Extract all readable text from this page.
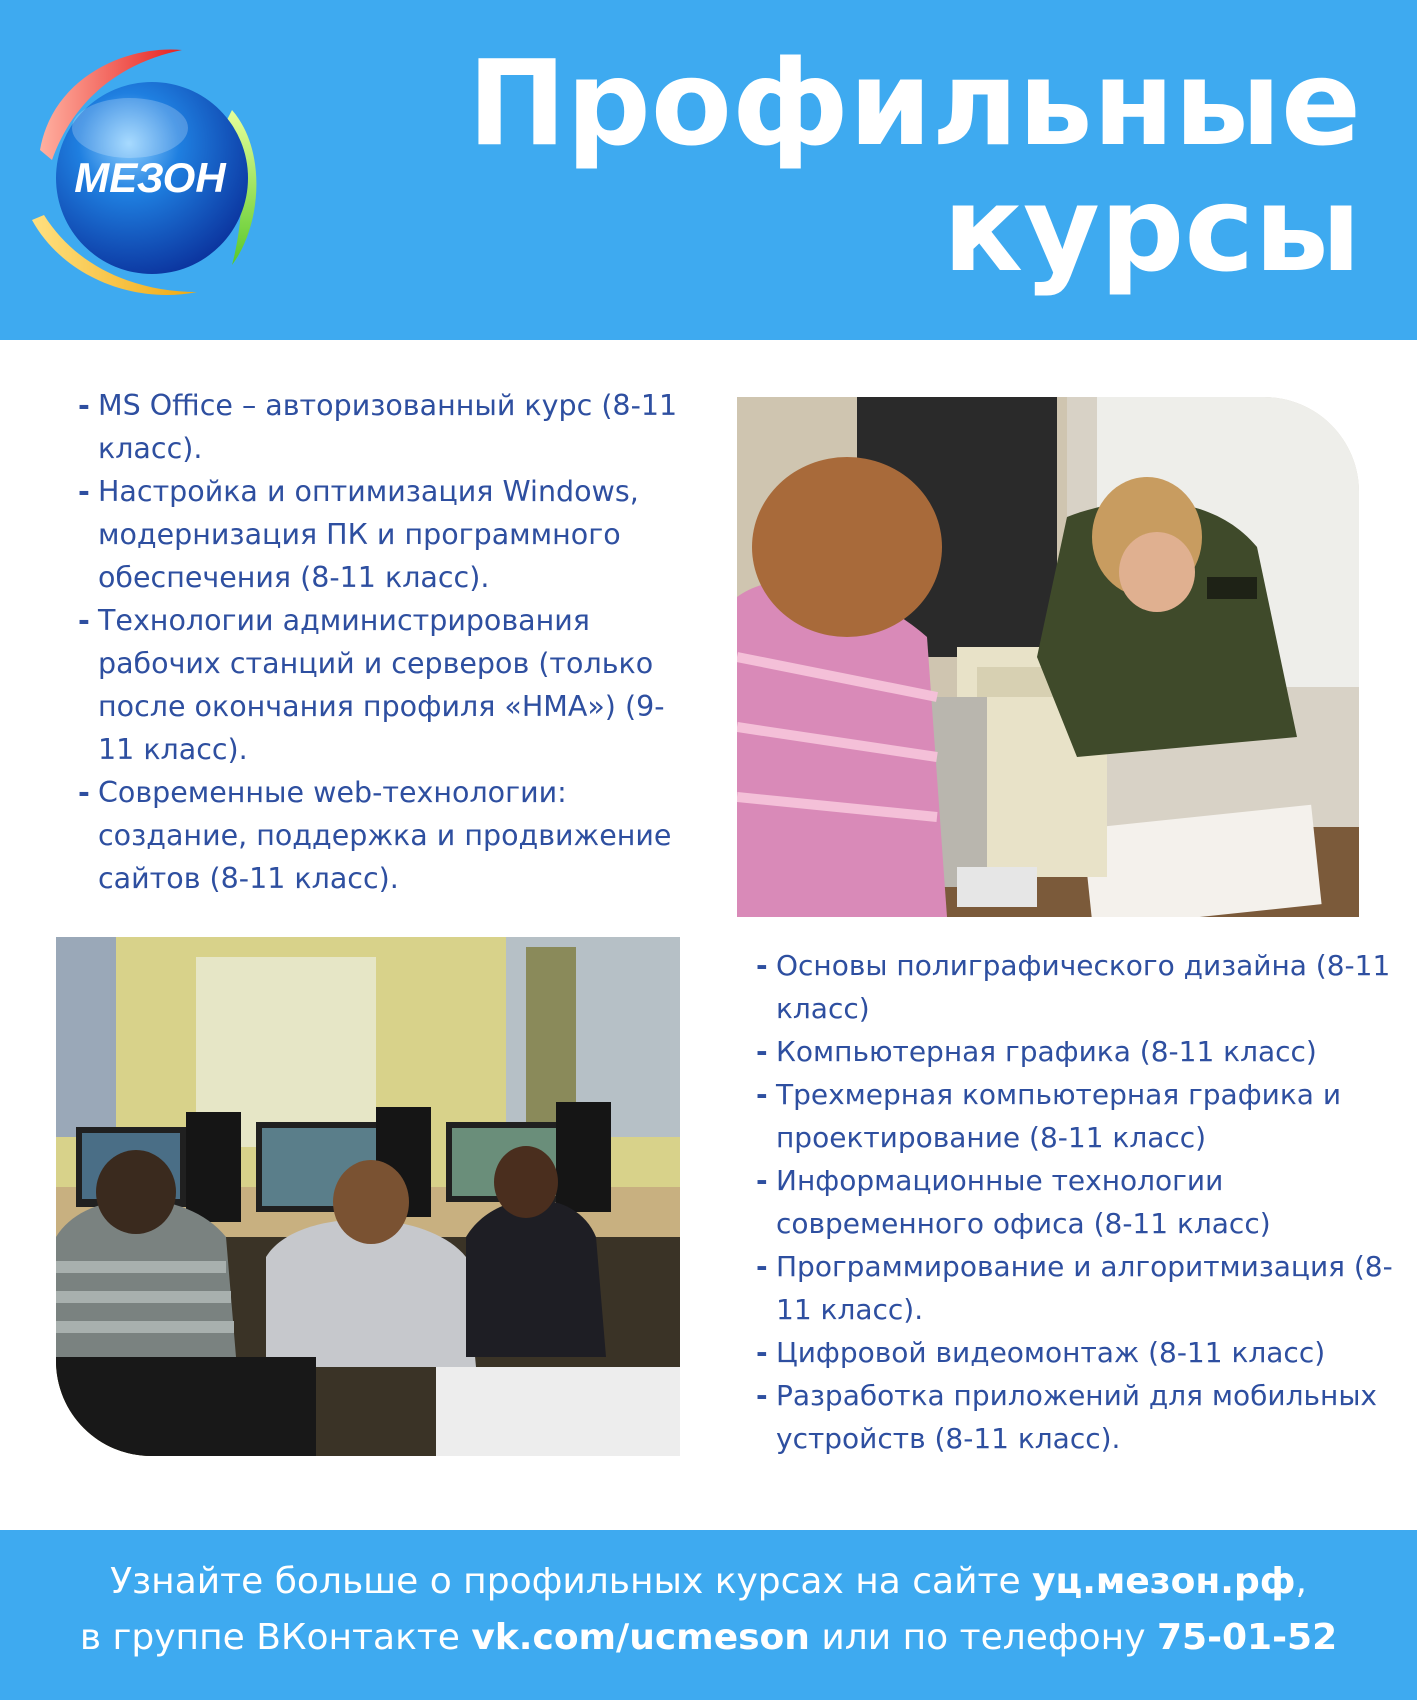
МЕЗОН
Профильные
курсы
- MS Office – авторизованный курс (8-11 класс).
- Настройка и оптимизация Windows, модернизация ПК и программного обеспечения (8-11 класс).
- Технологии администрирования рабочих станций и серверов (только после окончания профиля «НМА») (9-11 класс).
- Современные web-технологии: создание, поддержка и продвижение сайтов (8-11 класс).
- Основы полиграфического дизайна (8-11 класс)
- Компьютерная графика (8-11 класс)
- Трехмерная компьютерная графика и проектирование (8-11 класс)
- Информационные технологии современного офиса (8-11 класс)
- Программирование и алгоритмизация (8-11 класс).
- Цифровой видеомонтаж (8-11 класс)
- Разработка приложений для мобильных устройств (8-11 класс).

Узнайте больше о профильных курсах на сайте уц.мезон.рф,

в группе ВКонтакте vk.com/ucmeson или по телефону 75-01-52
